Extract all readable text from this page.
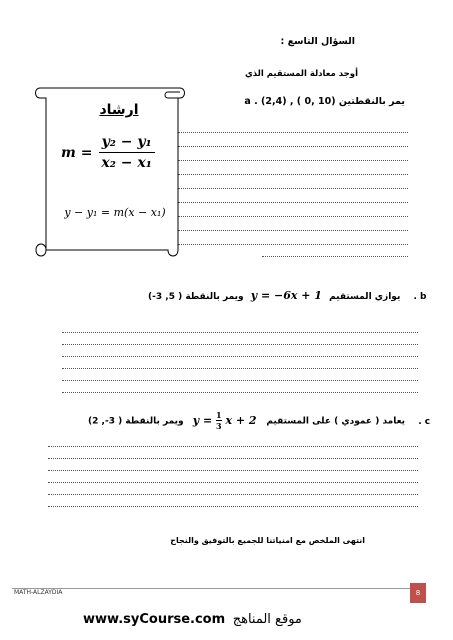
السؤال التاسع :
أوجد معادلة المستقيم الذي
a . يمر بالنقطتين (10 ,0 ) , (2,4)
ارشاد
$m = \frac{\text{y₂ − y₁}}{\text{x₂ − x₁}}$
y − y₁ = m(x − x₁)
ويمر بالنقطة ( 5, 3-) y = −6x + 1 يوازي المستقيم . b
ويمر بالنقطة ( 3-, 2) $y = \frac{1}{3}$ x + 2 يعامد ( عمودي ) على المستقيم . c
انتهى الملخص مع امنياتنا للجميع بالتوفيق والنجاح
MATH-ALZAYDIA	8
www.syCourse.com موقع المناهج
